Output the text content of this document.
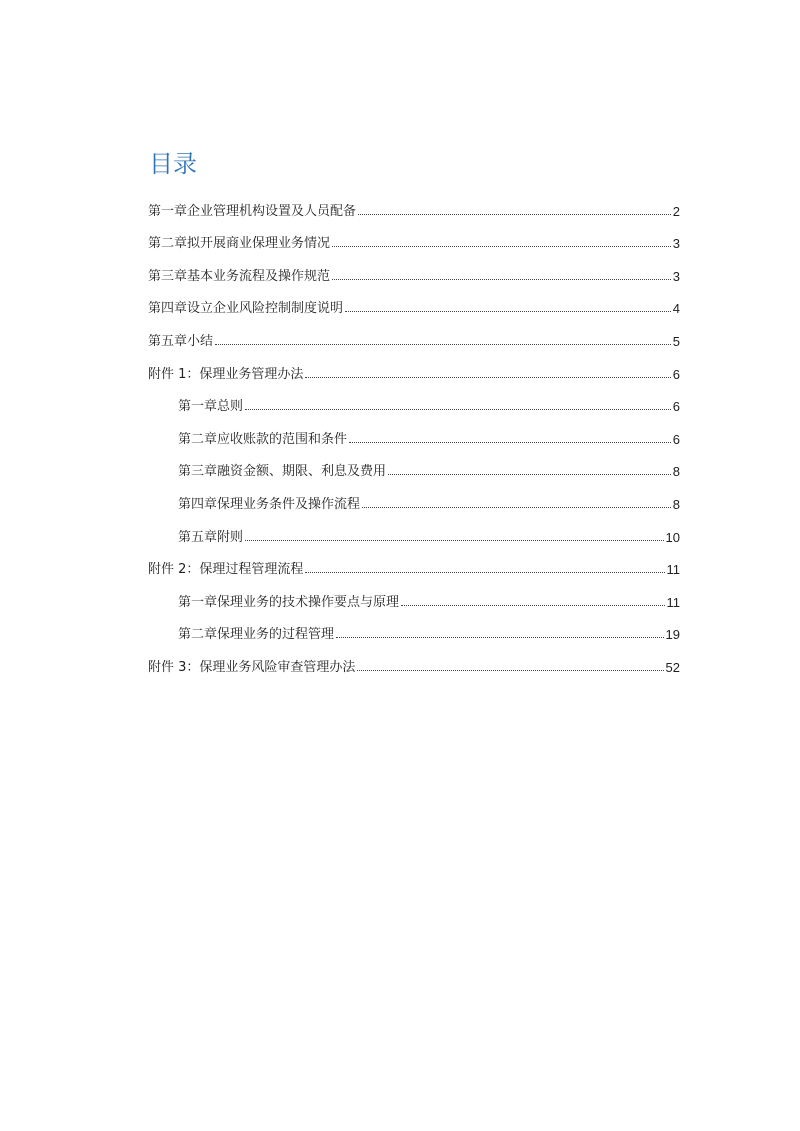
目录
第一章企业管理机构设置及人员配备	2
第二章拟开展商业保理业务情况	3
第三章基本业务流程及操作规范	3
第四章设立企业风险控制制度说明	4
第五章小结	5
附件 1：保理业务管理办法	6
第一章总则	6
第二章应收账款的范围和条件	6
第三章融资金额、期限、利息及费用	8
第四章保理业务条件及操作流程	8
第五章附则	10
附件 2：保理过程管理流程	11
第一章保理业务的技术操作要点与原理	11
第二章保理业务的过程管理	19
附件 3：保理业务风险审查管理办法	52
